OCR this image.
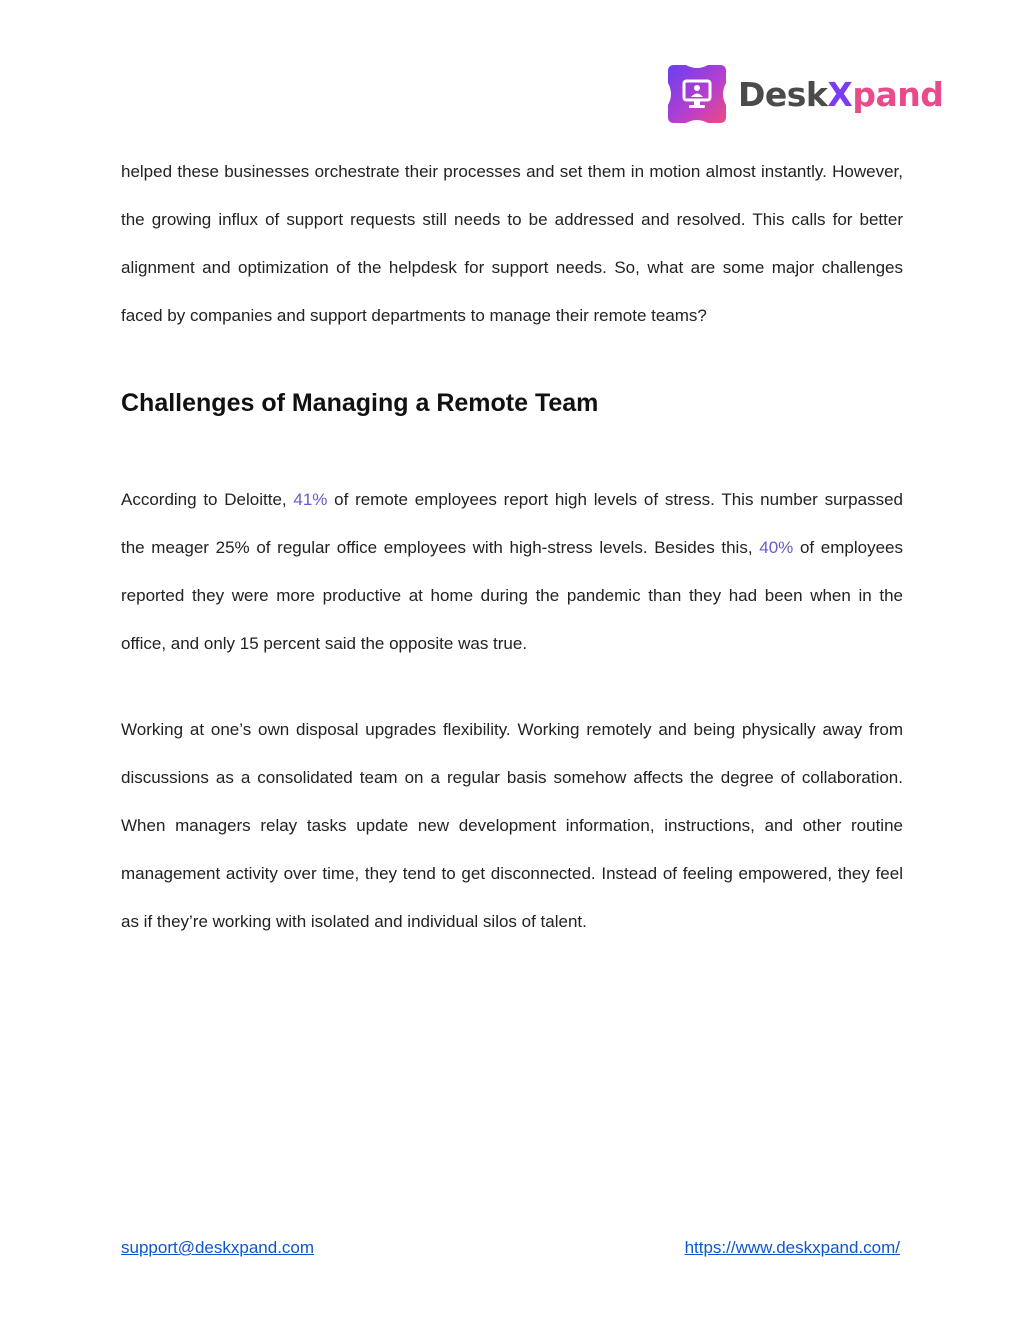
DeskXpand

helped these businesses orchestrate their processes and set them in motion almost instantly. However, the growing influx of support requests still needs to be addressed and resolved. This calls for better alignment and optimization of the helpdesk for support needs. So, what are some major challenges faced by companies and support departments to manage their remote teams?

Challenges of Managing a Remote Team

According to Deloitte, 41% of remote employees report high levels of stress. This number surpassed the meager 25% of regular office employees with high-stress levels. Besides this, 40% of employees reported they were more productive at home during the pandemic than they had been when in the office, and only 15 percent said the opposite was true.

Working at one’s own disposal upgrades flexibility. Working remotely and being physically away from discussions as a consolidated team on a regular basis somehow affects the degree of collaboration. When managers relay tasks update new development information, instructions, and other routine management activity over time, they tend to get disconnected. Instead of feeling empowered, they feel as if they’re working with isolated and individual silos of talent.

support@deskxpand.com	https://www.deskxpand.com/
